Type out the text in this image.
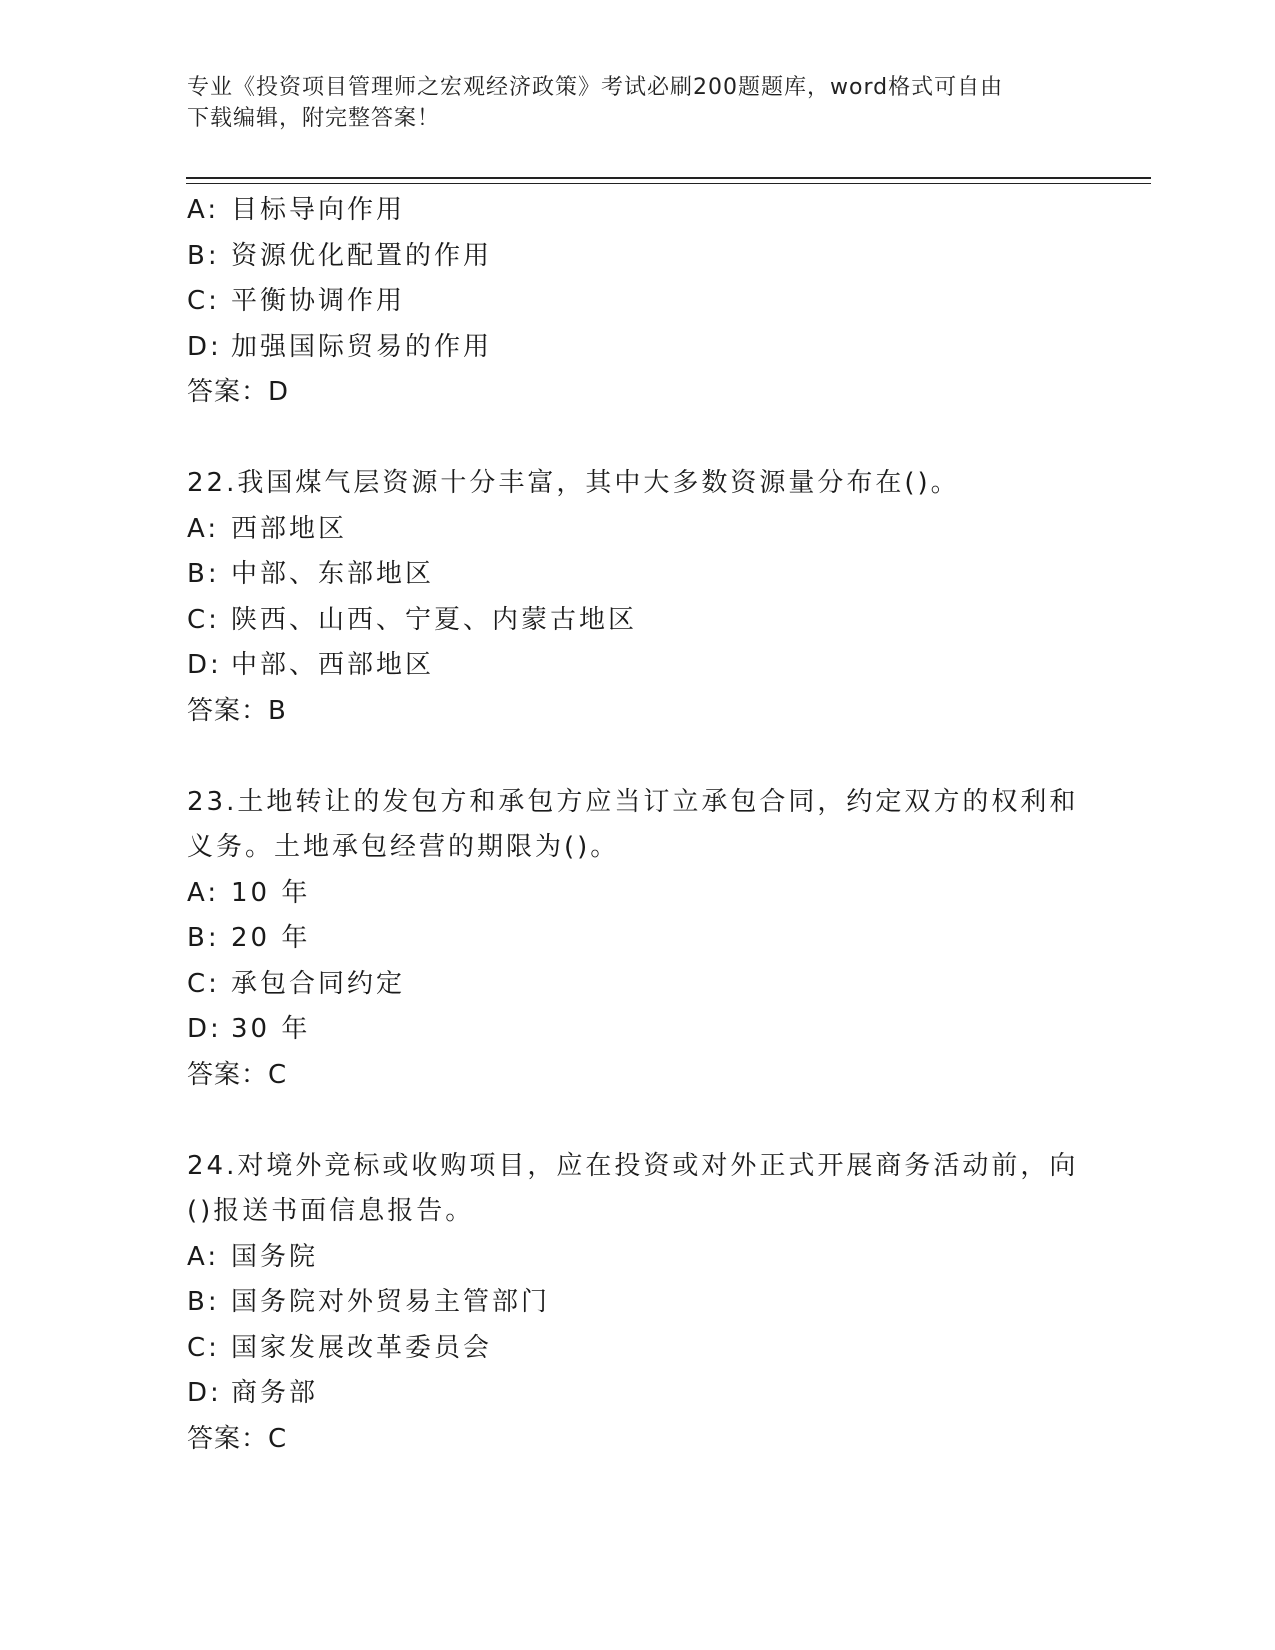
专业《投资项目管理师之宏观经济政策》考试必刷200题题库，word格式可自由
下载编辑，附完整答案！
A: 目标导向作用
B: 资源优化配置的作用
C: 平衡协调作用
D: 加强国际贸易的作用
答案：D
22.我国煤气层资源十分丰富，其中大多数资源量分布在()。
A: 西部地区
B: 中部、东部地区
C: 陕西、山西、宁夏、内蒙古地区
D: 中部、西部地区
答案：B
23.土地转让的发包方和承包方应当订立承包合同，约定双方的权利和
义务。土地承包经营的期限为()。
A: 10 年
B: 20 年
C: 承包合同约定
D: 30 年
答案：C
24.对境外竞标或收购项目，应在投资或对外正式开展商务活动前，向
()报送书面信息报告。
A: 国务院
B: 国务院对外贸易主管部门
C: 国家发展改革委员会
D: 商务部
答案：C
